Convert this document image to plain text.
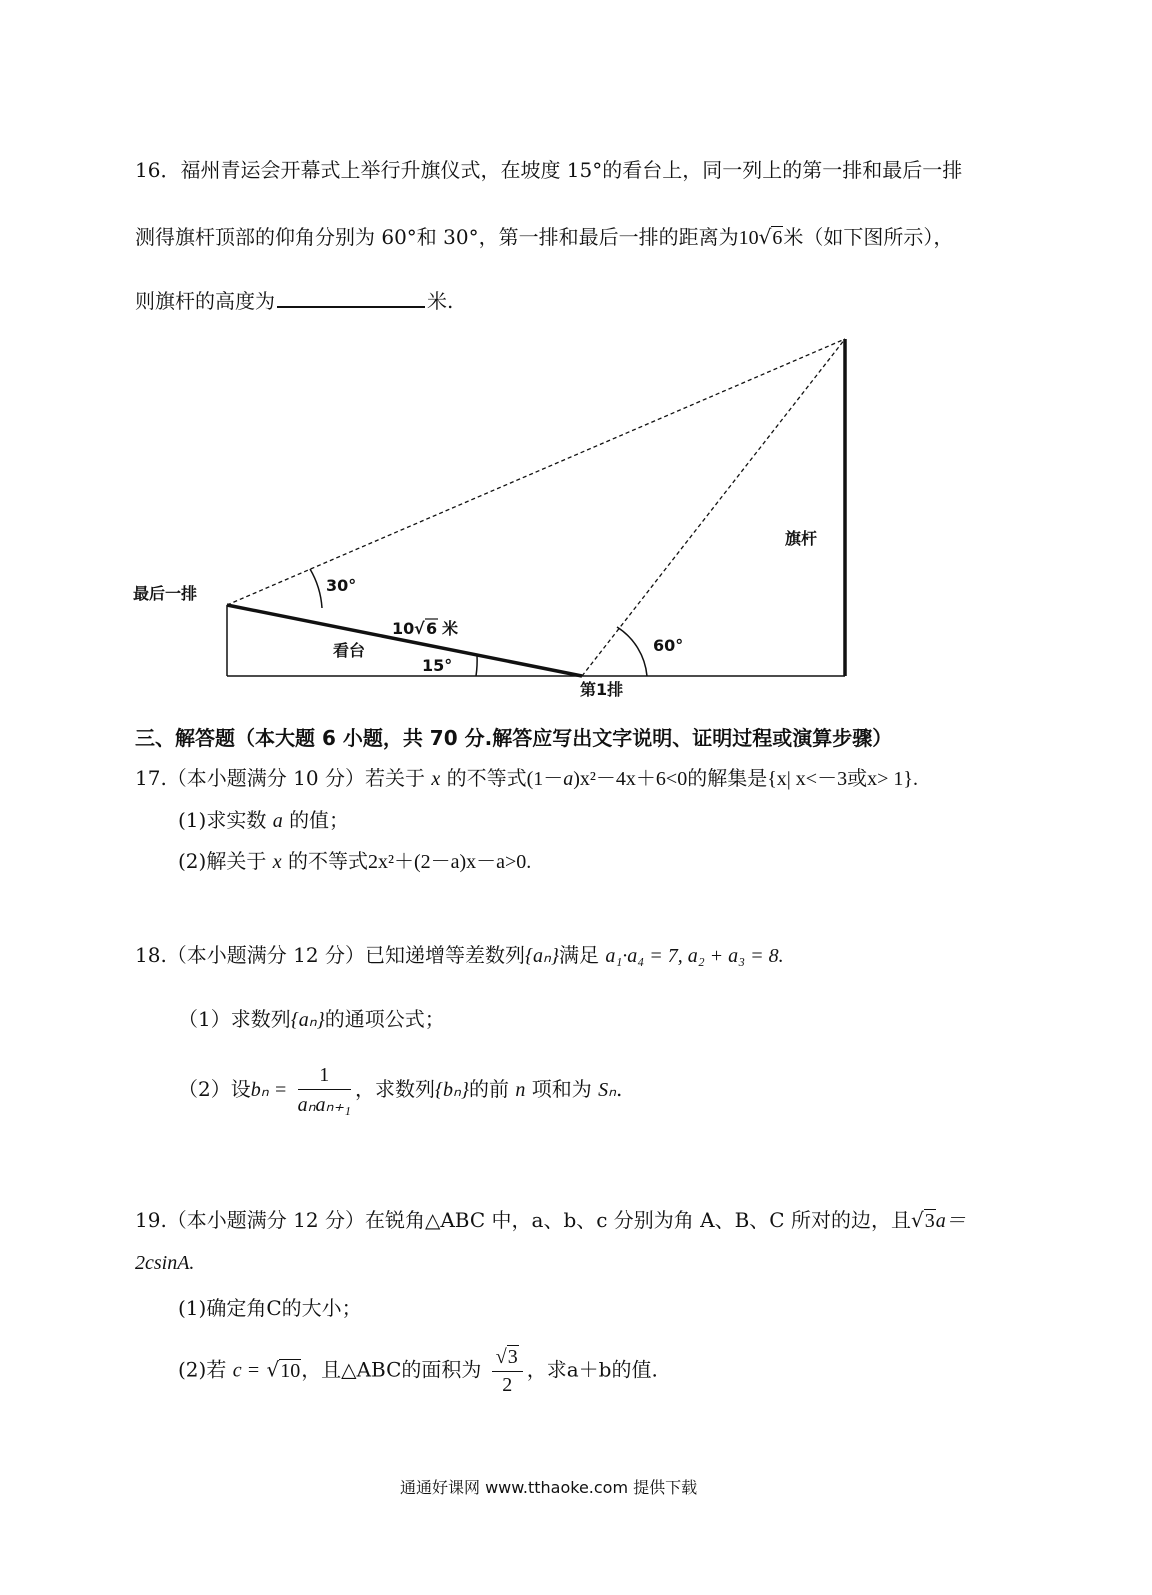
16．福州青运会开幕式上举行升旗仪式，在坡度 15°的看台上，同一列上的第一排和最后一排
测得旗杆顶部的仰角分别为 60°和 30°，第一排和最后一排的距离为10√6米（如下图所示），
则旗杆的高度为	米.
最后一排
第1排
看台
旗杆
30°
60°
15°
10 √ 6 米
三、解答题（本大题 6 小题，共 70 分.解答应写出文字说明、证明过程或演算步骤）
17.（本小题满分 10 分）若关于 x 的不等式(1－a)x²－4x＋6<0的解集是{x| x<－3或x> 1}.
(1)求实数 a 的值；
(2)解关于 x 的不等式2x²＋(2－a)x－a>0.
18.（本小题满分 12 分）已知递增等差数列{aₙ}满足 a₁·a₄ = 7, a₂ + a₃ = 8.
（1）求数列{aₙ}的通项公式；
（2）设$b_n = \frac{1}{\text{aₙaₙ₊₁}}$ ，求数列{bₙ}的前 n 项和为 Sₙ.
19.（本小题满分 12 分）在锐角△ABC 中，a、b、c 分别为角 A、B、C 所对的边，且√3a＝
2csinA.
(1)确定角C的大小；
(2)若 c = √10，且△ABC的面积为 $\frac{√3}{2}$ ，求a＋b的值.
通通好课网 www.tthaoke.com 提供下载
